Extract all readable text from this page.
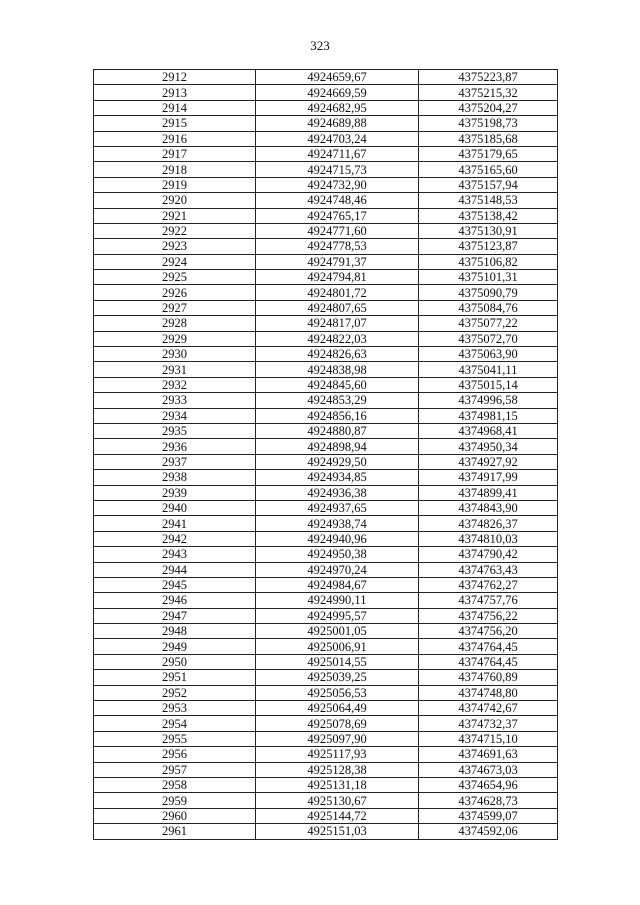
323
2912	4924659,67	4375223,87
2913	4924669,59	4375215,32
2914	4924682,95	4375204,27
2915	4924689,88	4375198,73
2916	4924703,24	4375185,68
2917	4924711,67	4375179,65
2918	4924715,73	4375165,60
2919	4924732,90	4375157,94
2920	4924748,46	4375148,53
2921	4924765,17	4375138,42
2922	4924771,60	4375130,91
2923	4924778,53	4375123,87
2924	4924791,37	4375106,82
2925	4924794,81	4375101,31
2926	4924801,72	4375090,79
2927	4924807,65	4375084,76
2928	4924817,07	4375077,22
2929	4924822,03	4375072,70
2930	4924826,63	4375063,90
2931	4924838,98	4375041,11
2932	4924845,60	4375015,14
2933	4924853,29	4374996,58
2934	4924856,16	4374981,15
2935	4924880,87	4374968,41
2936	4924898,94	4374950,34
2937	4924929,50	4374927,92
2938	4924934,85	4374917,99
2939	4924936,38	4374899,41
2940	4924937,65	4374843,90
2941	4924938,74	4374826,37
2942	4924940,96	4374810,03
2943	4924950,38	4374790,42
2944	4924970,24	4374763,43
2945	4924984,67	4374762,27
2946	4924990,11	4374757,76
2947	4924995,57	4374756,22
2948	4925001,05	4374756,20
2949	4925006,91	4374764,45
2950	4925014,55	4374764,45
2951	4925039,25	4374760,89
2952	4925056,53	4374748,80
2953	4925064,49	4374742,67
2954	4925078,69	4374732,37
2955	4925097,90	4374715,10
2956	4925117,93	4374691,63
2957	4925128,38	4374673,03
2958	4925131,18	4374654,96
2959	4925130,67	4374628,73
2960	4925144,72	4374599,07
2961	4925151,03	4374592,06
